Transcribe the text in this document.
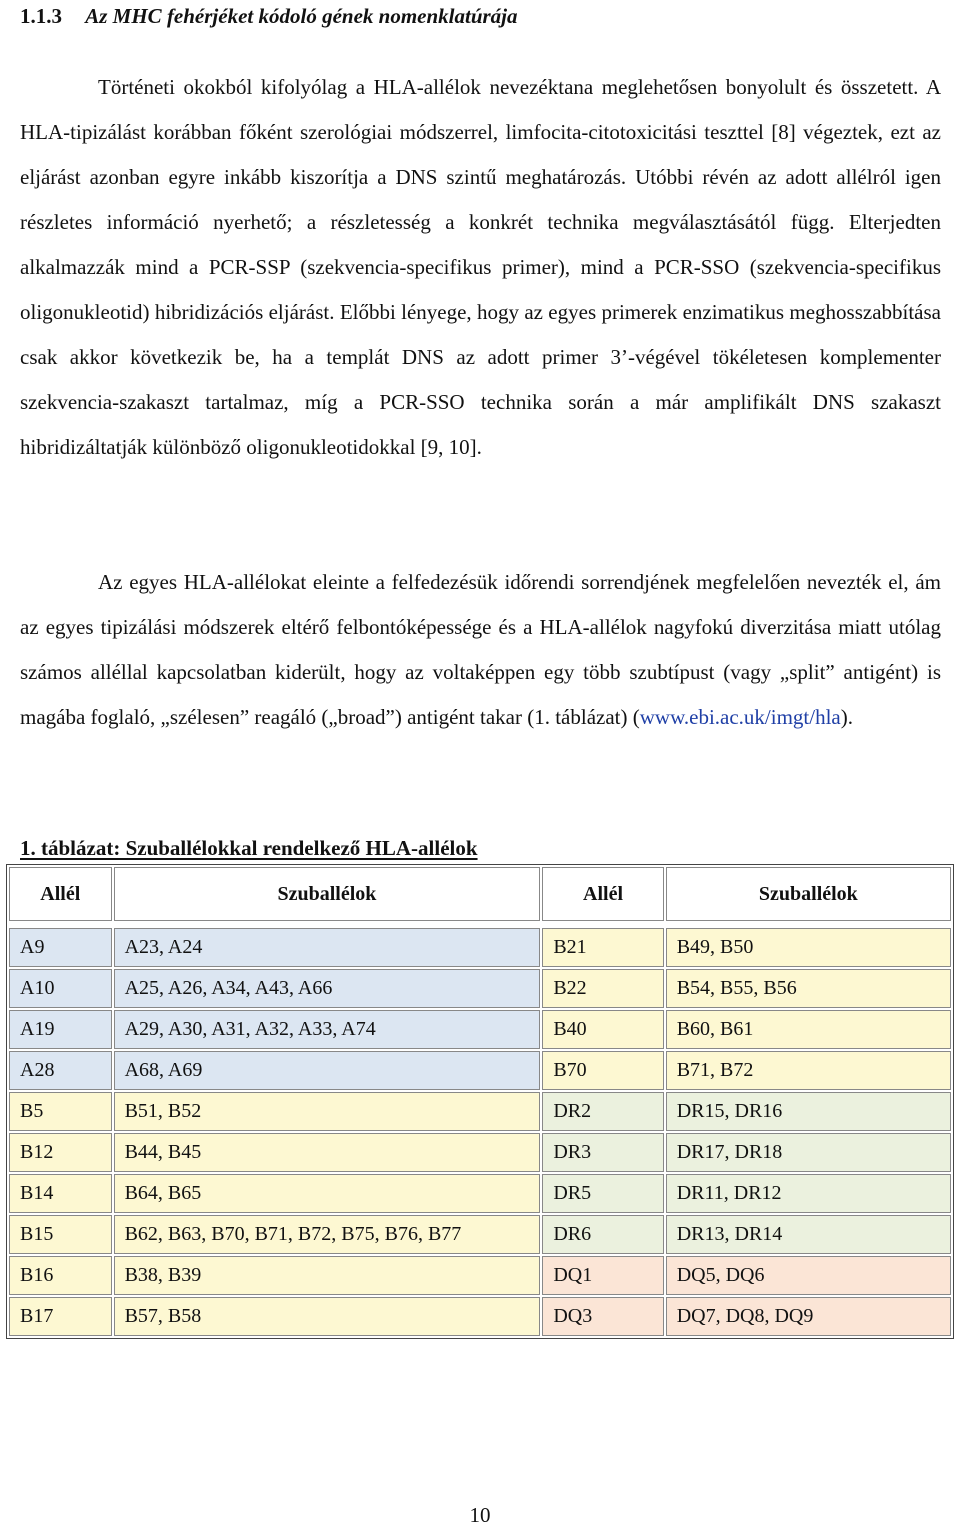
1.1.3 Az MHC fehérjéket kódoló gének nomenklatúrája

Történeti okokból kifolyólag a HLA-allélok nevezéktana meglehetősen bonyolult és összetett. A HLA-tipizálást korábban főként szerológiai módszerrel, limfocita-citotoxicitási teszttel [8] végeztek, ezt az eljárást azonban egyre inkább kiszorítja a DNS szintű meghatározás. Utóbbi révén az adott allélról igen részletes információ nyerhető; a részletesség a konkrét technika megválasztásától függ. Elterjedten alkalmazzák mind a PCR-SSP (szekvencia-specifikus primer), mind a PCR-SSO (szekvencia-specifikus oligonukleotid) hibridizációs eljárást. Előbbi lényege, hogy az egyes primerek enzimatikus meghosszabbítása csak akkor következik be, ha a templát DNS az adott primer 3’-végével tökéletesen komplementer szekvencia-szakaszt tartalmaz, míg a PCR-SSO technika során a már amplifikált DNS szakaszt hibridizáltatják különböző oligonukleotidokkal [9, 10].

Az egyes HLA-allélokat eleinte a felfedezésük időrendi sorrendjének megfelelően nevezték el, ám az egyes tipizálási módszerek eltérő felbontóképessége és a HLA-allélok nagyfokú diverzitása miatt utólag számos alléllal kapcsolatban kiderült, hogy az voltaképpen egy több szubtípust (vagy „split” antigént) is magába foglaló, „szélesen” reagáló („broad”) antigént takar (1. táblázat) (www.ebi.ac.uk/imgt/hla).

1. táblázat: Szuballélokkal rendelkező HLA-allélok
Allél	Szuballélok	Allél	Szuballélok

A9	A23, A24	B21	B49, B50
A10	A25, A26, A34, A43, A66	B22	B54, B55, B56
A19	A29, A30, A31, A32, A33, A74	B40	B60, B61
A28	A68, A69	B70	B71, B72
B5	B51, B52	DR2	DR15, DR16
B12	B44, B45	DR3	DR17, DR18
B14	B64, B65	DR5	DR11, DR12
B15	B62, B63, B70, B71, B72, B75, B76, B77	DR6	DR13, DR14
B16	B38, B39	DQ1	DQ5, DQ6
B17	B57, B58	DQ3	DQ7, DQ8, DQ9
10
